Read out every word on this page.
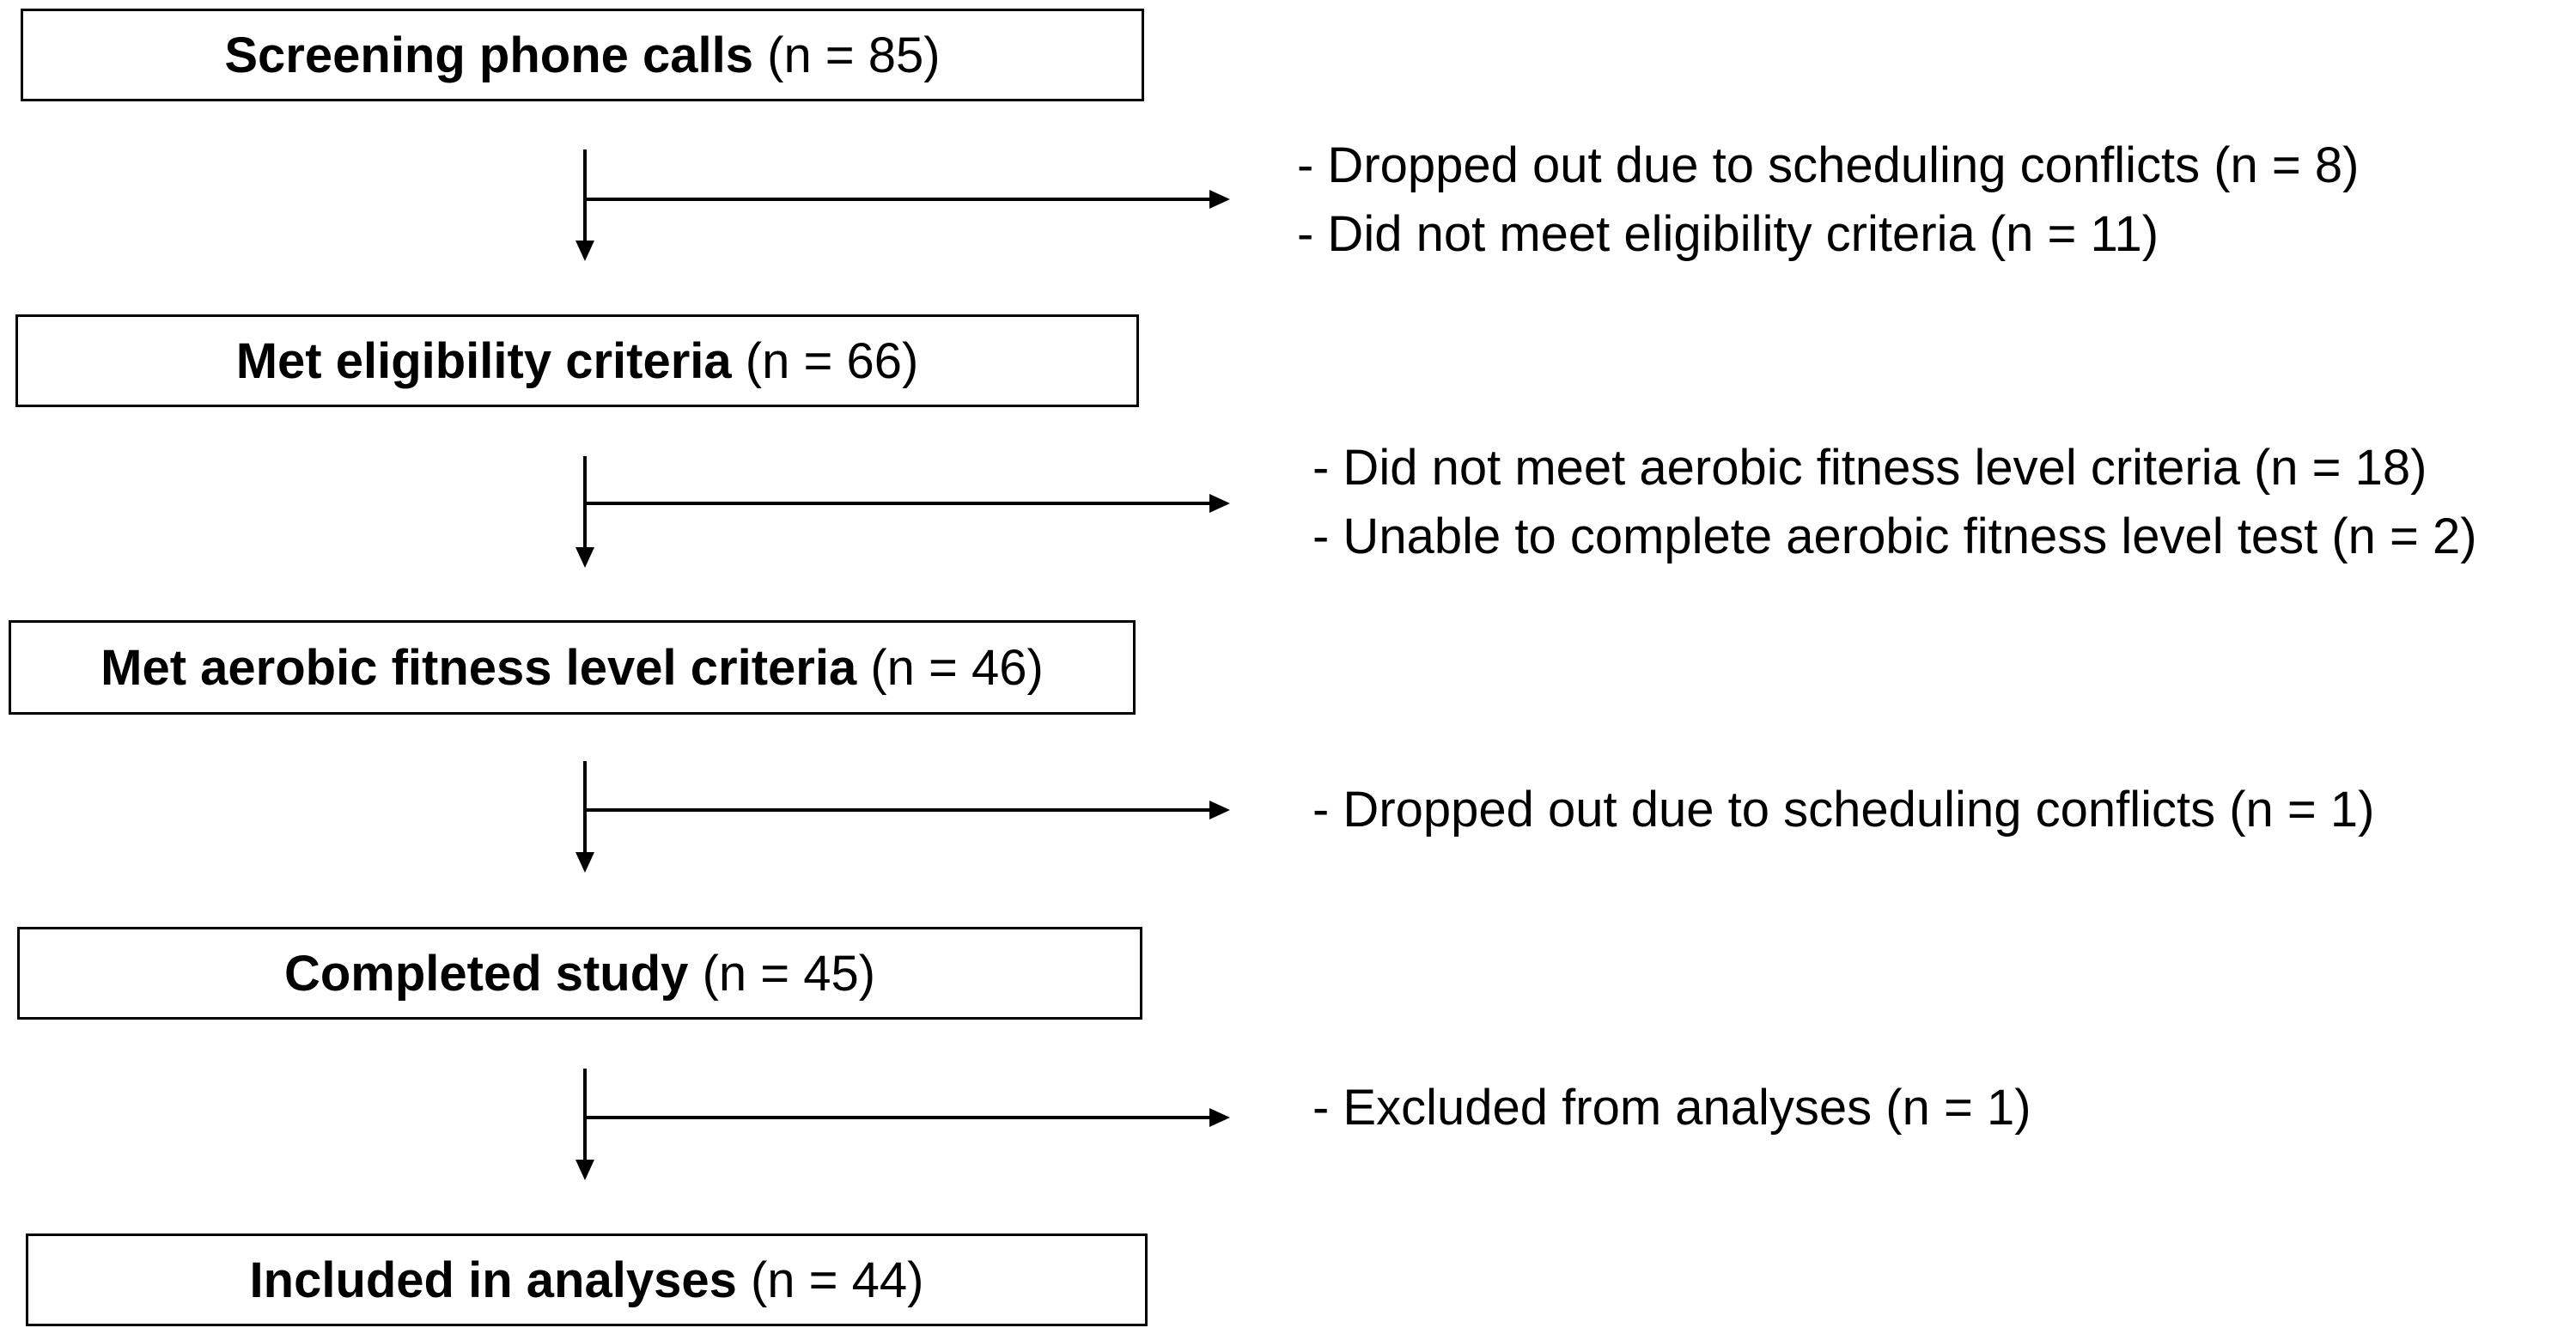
Screening phone calls
(n = 85)
Met eligibility criteria
(n = 66)
Met aerobic fitness level criteria
(n = 46)
Completed study
(n = 45)
Included in analyses
(n = 44)
- Dropped out due to scheduling conflicts (n = 8)
- Did not meet eligibility criteria (n = 11)
- Did not meet aerobic fitness level criteria (n = 18)
- Unable to complete aerobic fitness level test (n = 2)
- Dropped out due to scheduling conflicts (n = 1)
- Excluded from analyses (n = 1)
